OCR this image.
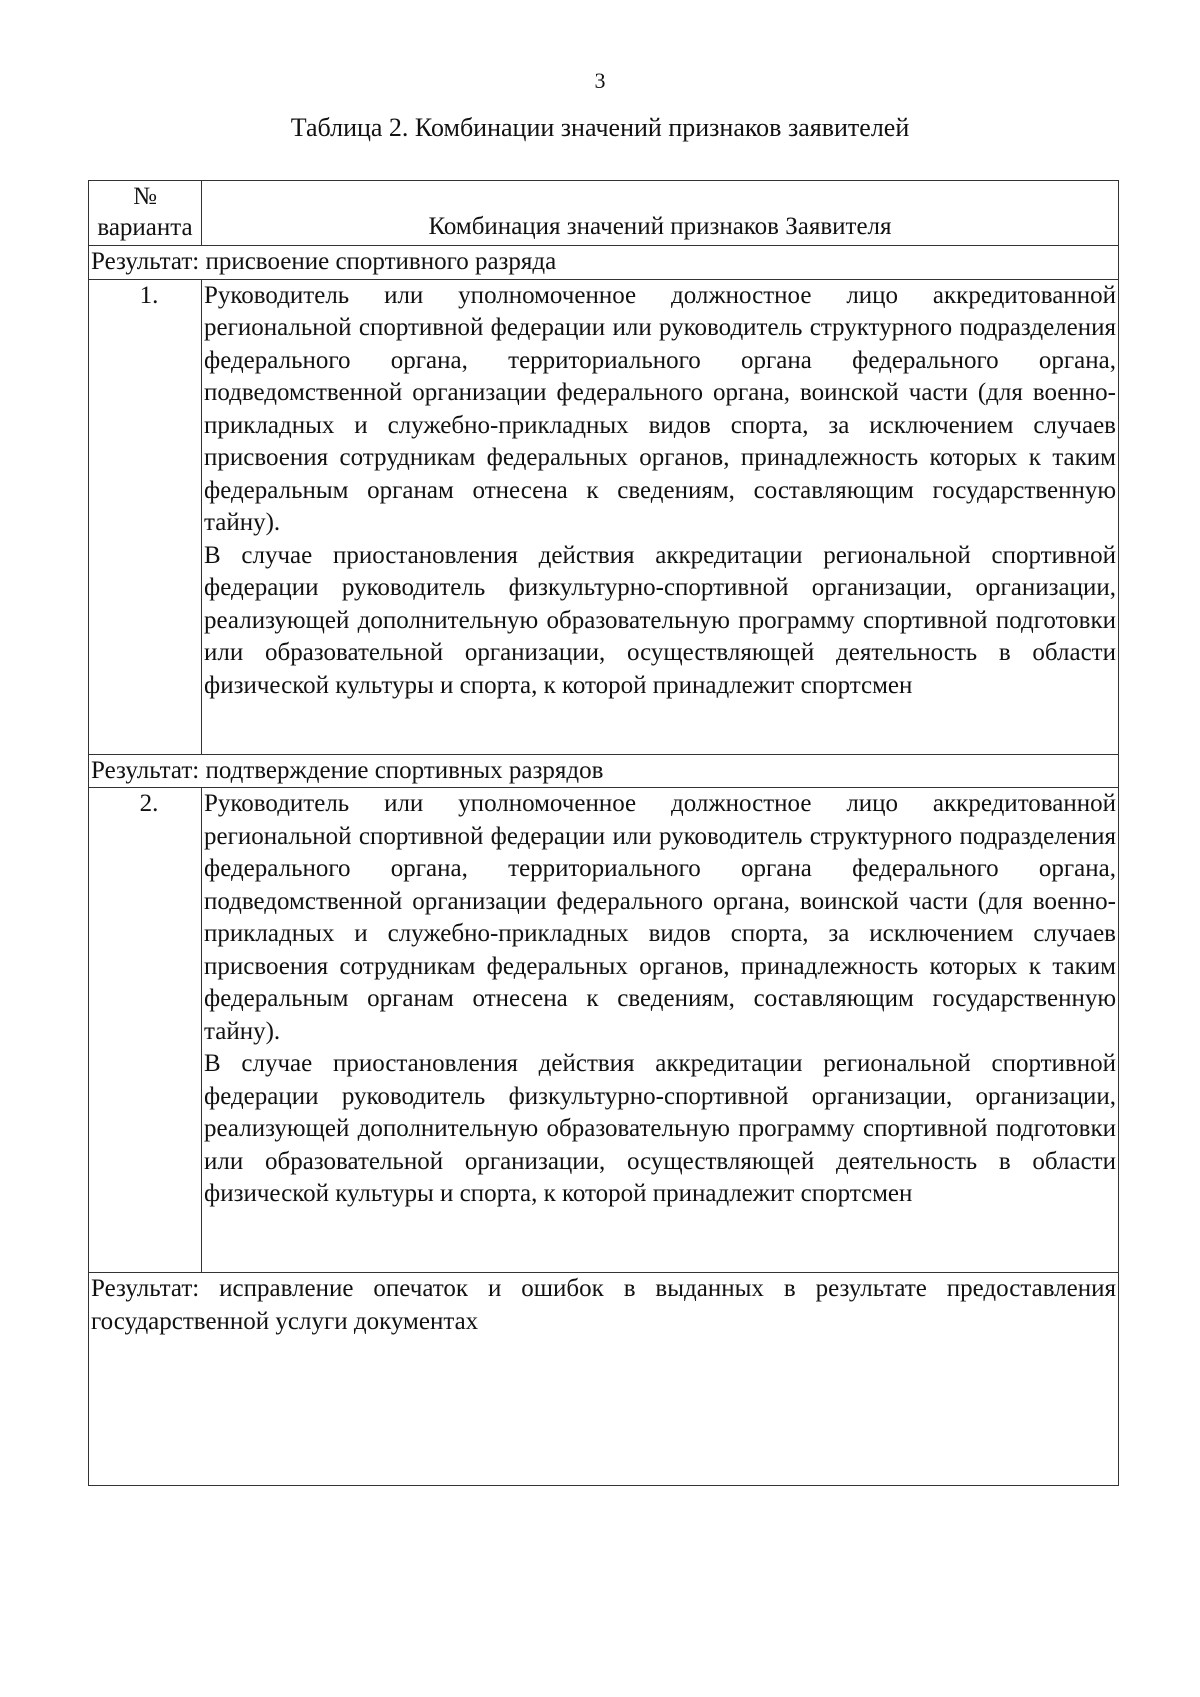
3
Таблица 2. Комбинации значений признаков заявителей
№
варианта	Комбинация значений признаков Заявителя
Результат: присвоение спортивного разряда	
1.	Руководитель или уполномоченное должностное лицо аккредитованной региональной спортивной федерации или руководитель структурного подразделения федерального органа, территориального органа федерального органа, подведомственной организации федерального органа, воинской части (для военно-прикладных и служебно-прикладных видов спорта, за исключением случаев присвоения сотрудникам федеральных органов, принадлежность которых к таким федеральным органам отнесена к сведениям, составляющим государственную тайну).

В случае приостановления действия аккредитации региональной спортивной федерации руководитель физкультурно-спортивной организации, организации, реализующей дополнительную образовательную программу спортивной подготовки или образовательной организации, осуществляющей деятельность в области физической культуры и спорта, к которой принадлежит спортсмен

Результат: подтверждение спортивных разрядов	
2.	Руководитель или уполномоченное должностное лицо аккредитованной региональной спортивной федерации или руководитель структурного подразделения федерального органа, территориального органа федерального органа, подведомственной организации федерального органа, воинской части (для военно-прикладных и служебно-прикладных видов спорта, за исключением случаев присвоения сотрудникам федеральных органов, принадлежность которых к таким федеральным органам отнесена к сведениям, составляющим государственную тайну).

В случае приостановления действия аккредитации региональной спортивной федерации руководитель физкультурно-спортивной организации, организации, реализующей дополнительную образовательную программу спортивной подготовки или образовательной организации, осуществляющей деятельность в области физической культуры и спорта, к которой принадлежит спортсмен

Результат: исправление опечаток и ошибок в выданных в результате предоставления государственной услуги документах	
